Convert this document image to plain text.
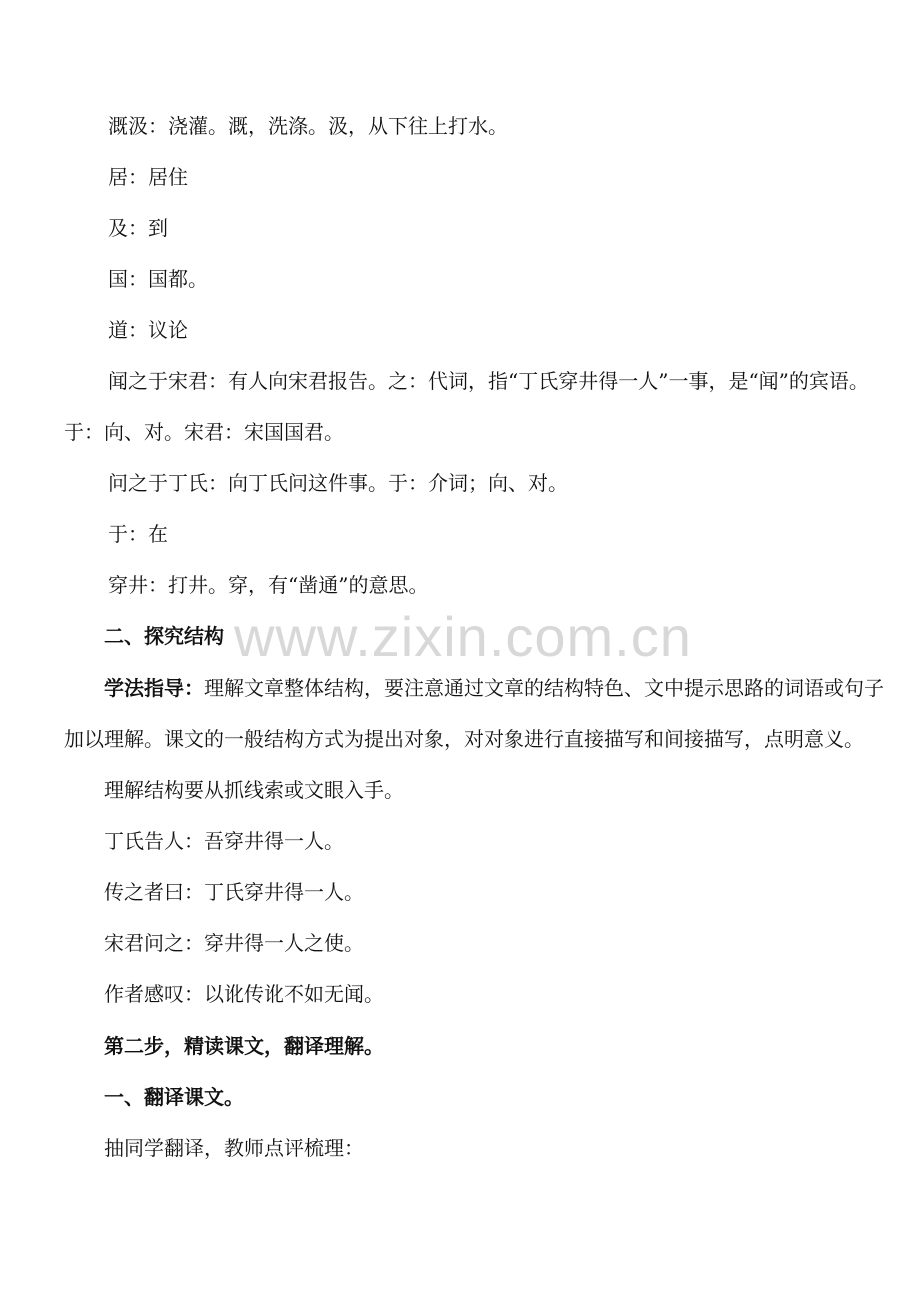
www.zixin.com.cn
溉汲：浇灌。溉，洗涤。汲，从下往上打水。
居：居住
及：到
国：国都。
道：议论
闻之于宋君：有人向宋君报告。之：代词，指“丁氏穿井得一人”一事，是“闻”的宾语。
于：向、对。宋君：宋国国君。
问之于丁氏：向丁氏问这件事。于：介词；向、对。
于：在
穿井：打井。穿，有“凿通”的意思。
二、探究结构
学法指导：理解文章整体结构，要注意通过文章的结构特色、文中提示思路的词语或句子
加以理解。课文的一般结构方式为提出对象，对对象进行直接描写和间接描写，点明意义。
理解结构要从抓线索或文眼入手。
丁氏告人：吾穿井得一人。
传之者曰：丁氏穿井得一人。
宋君问之：穿井得一人之使。
作者感叹：以讹传讹不如无闻。
第二步，精读课文，翻译理解。
一、翻译课文。
抽同学翻译，教师点评梳理：
